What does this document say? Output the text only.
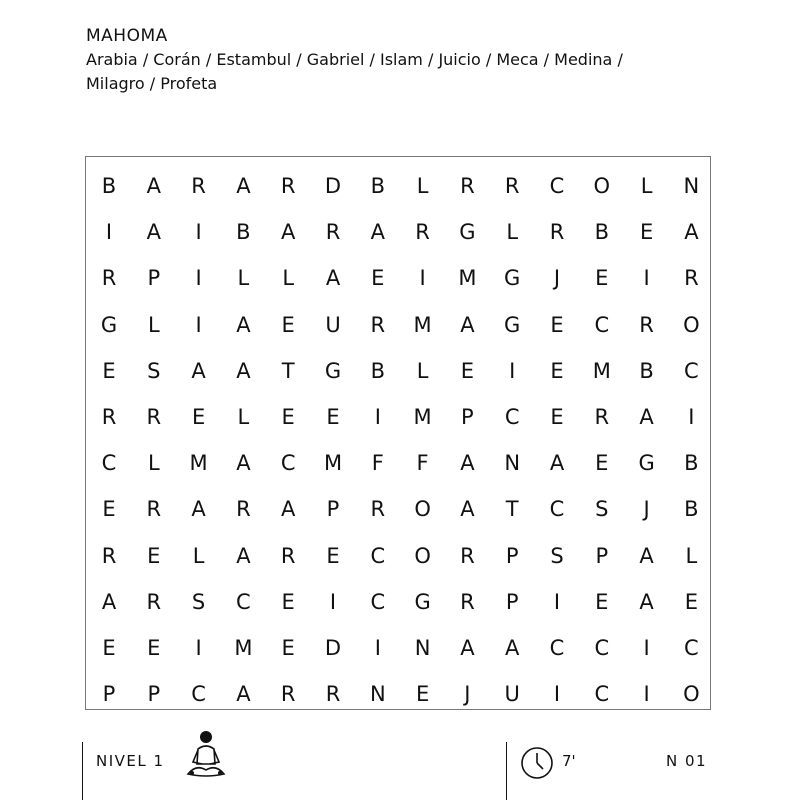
MAHOMA
Arabia / Corán / Estambul / Gabriel / Islam / Juicio / Meca / Medina /
Milagro / Profeta
B	A	R	A	R	D	B	L	R	R	C	O	L	N
I	A	I	B	A	R	A	R	G	L	R	B	E	A
R	P	I	L	L	A	E	I	M	G	J	E	I	R
G	L	I	A	E	U	R	M	A	G	E	C	R	O
E	S	A	A	T	G	B	L	E	I	E	M	B	C
R	R	E	L	E	E	I	M	P	C	E	R	A	I
C	L	M	A	C	M	F	F	A	N	A	E	G	B
E	R	A	R	A	P	R	O	A	T	C	S	J	B
R	E	L	A	R	E	C	O	R	P	S	P	A	L
A	R	S	C	E	I	C	G	R	P	I	E	A	E
E	E	I	M	E	D	I	N	A	A	C	C	I	C
P	P	C	A	R	R	N	E	J	U	I	C	I	O
NIVEL 1	7'	N 01
